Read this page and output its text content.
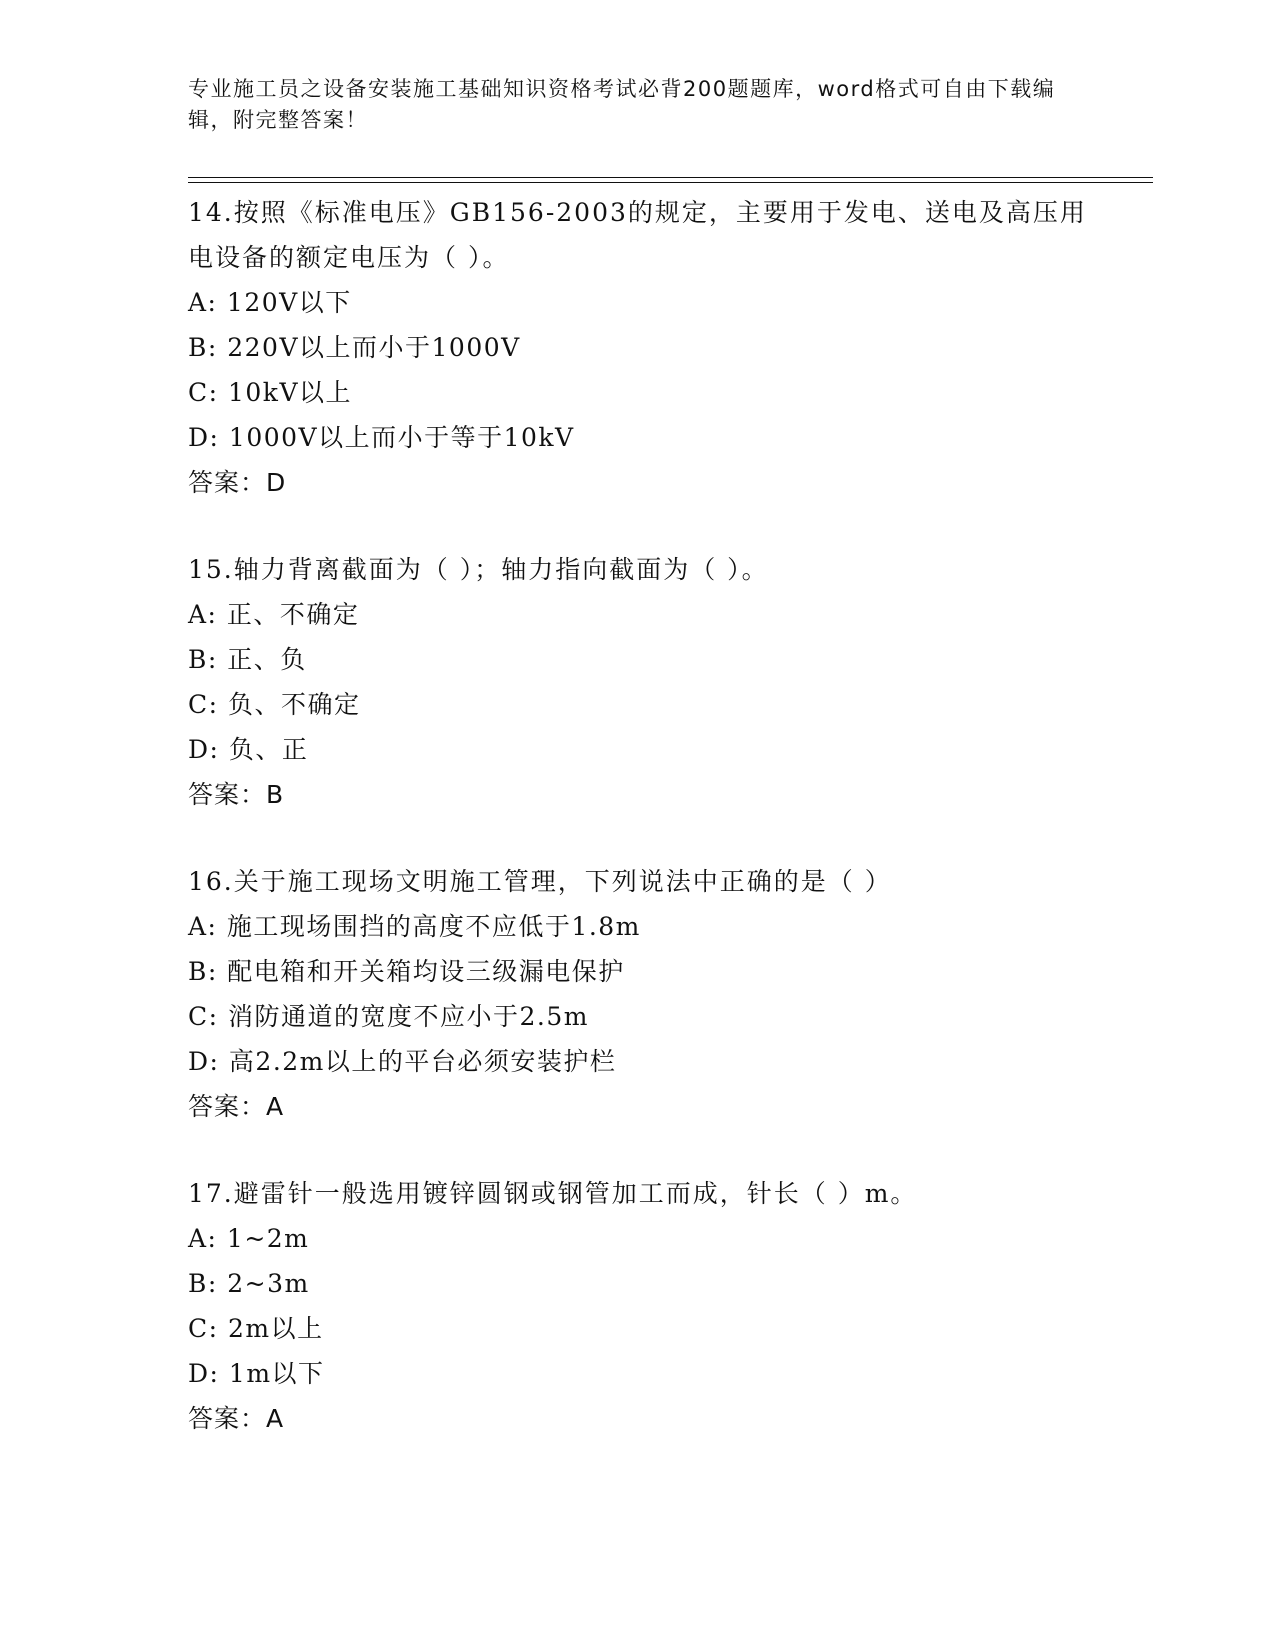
专业施工员之设备安装施工基础知识资格考试必背200题题库，word格式可自由下载编辑，附完整答案！

14.按照《标准电压》GB156-2003的规定，主要用于发电、送电及高压用电设备的额定电压为（ ）。

A: 120V以下

B: 220V以上而小于1000V

C: 10kV以上

D: 1000V以上而小于等于10kV

答案：D

15.轴力背离截面为（ ）；轴力指向截面为（ ）。

A: 正、不确定

B: 正、负

C: 负、不确定

D: 负、正

答案：B

16.关于施工现场文明施工管理，下列说法中正确的是（ ）

A: 施工现场围挡的高度不应低于1.8m

B: 配电箱和开关箱均设三级漏电保护

C: 消防通道的宽度不应小于2.5m

D: 高2.2m以上的平台必须安装护栏

答案：A

17.避雷针一般选用镀锌圆钢或钢管加工而成，针长（ ）m。

A: 1~2m

B: 2~3m

C: 2m以上

D: 1m以下

答案：A
